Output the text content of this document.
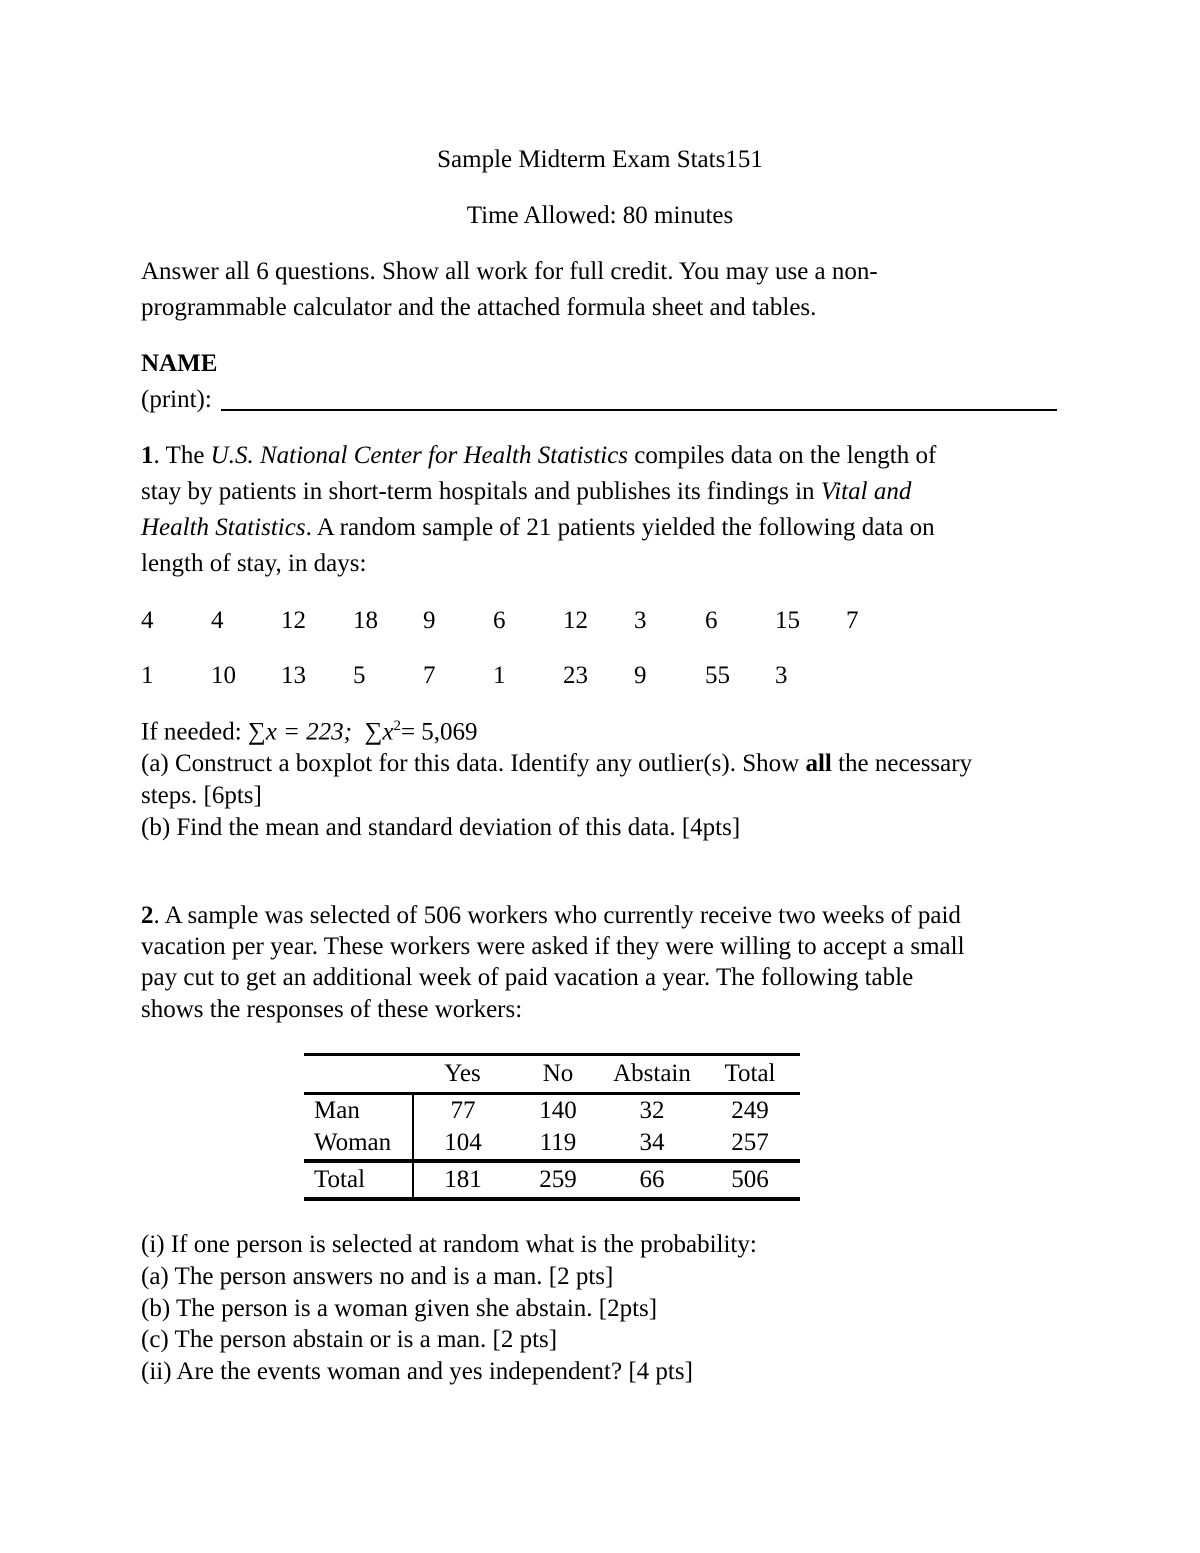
Sample Midterm Exam Stats151
Time Allowed: 80 minutes
Answer all 6 questions. Show all work for full credit. You may use a non-
programmable calculator and the attached formula sheet and tables.
NAME
(print):
1. The U.S. National Center for Health Statistics compiles data on the length of
stay by patients in short-term hospitals and publishes its findings in Vital and
Health Statistics. A random sample of 21 patients yielded the following data on
length of stay, in days:
4 4 12 18 9 6 12 3 6 15 7
1 10 13 5 7 1 23 9 55 3
If needed: ∑x = 223; $\sum x^2= 5,069$
(a) Construct a boxplot for this data. Identify any outlier(s). Show all the necessary
steps. [6pts]
(b) Find the mean and standard deviation of this data. [4pts]
2. A sample was selected of 506 workers who currently receive two weeks of paid
vacation per year. These workers were asked if they were willing to accept a small
pay cut to get an additional week of paid vacation a year. The following table
shows the responses of these workers:
	Yes	No	Abstain	Total
Man	77	140	32	249
Woman	104	119	34	257
Total	181	259	66	506
(i) If one person is selected at random what is the probability:
(a) The person answers no and is a man. [2 pts]
(b) The person is a woman given she abstain. [2pts]
(c) The person abstain or is a man. [2 pts]
(ii) Are the events woman and yes independent? [4 pts]
